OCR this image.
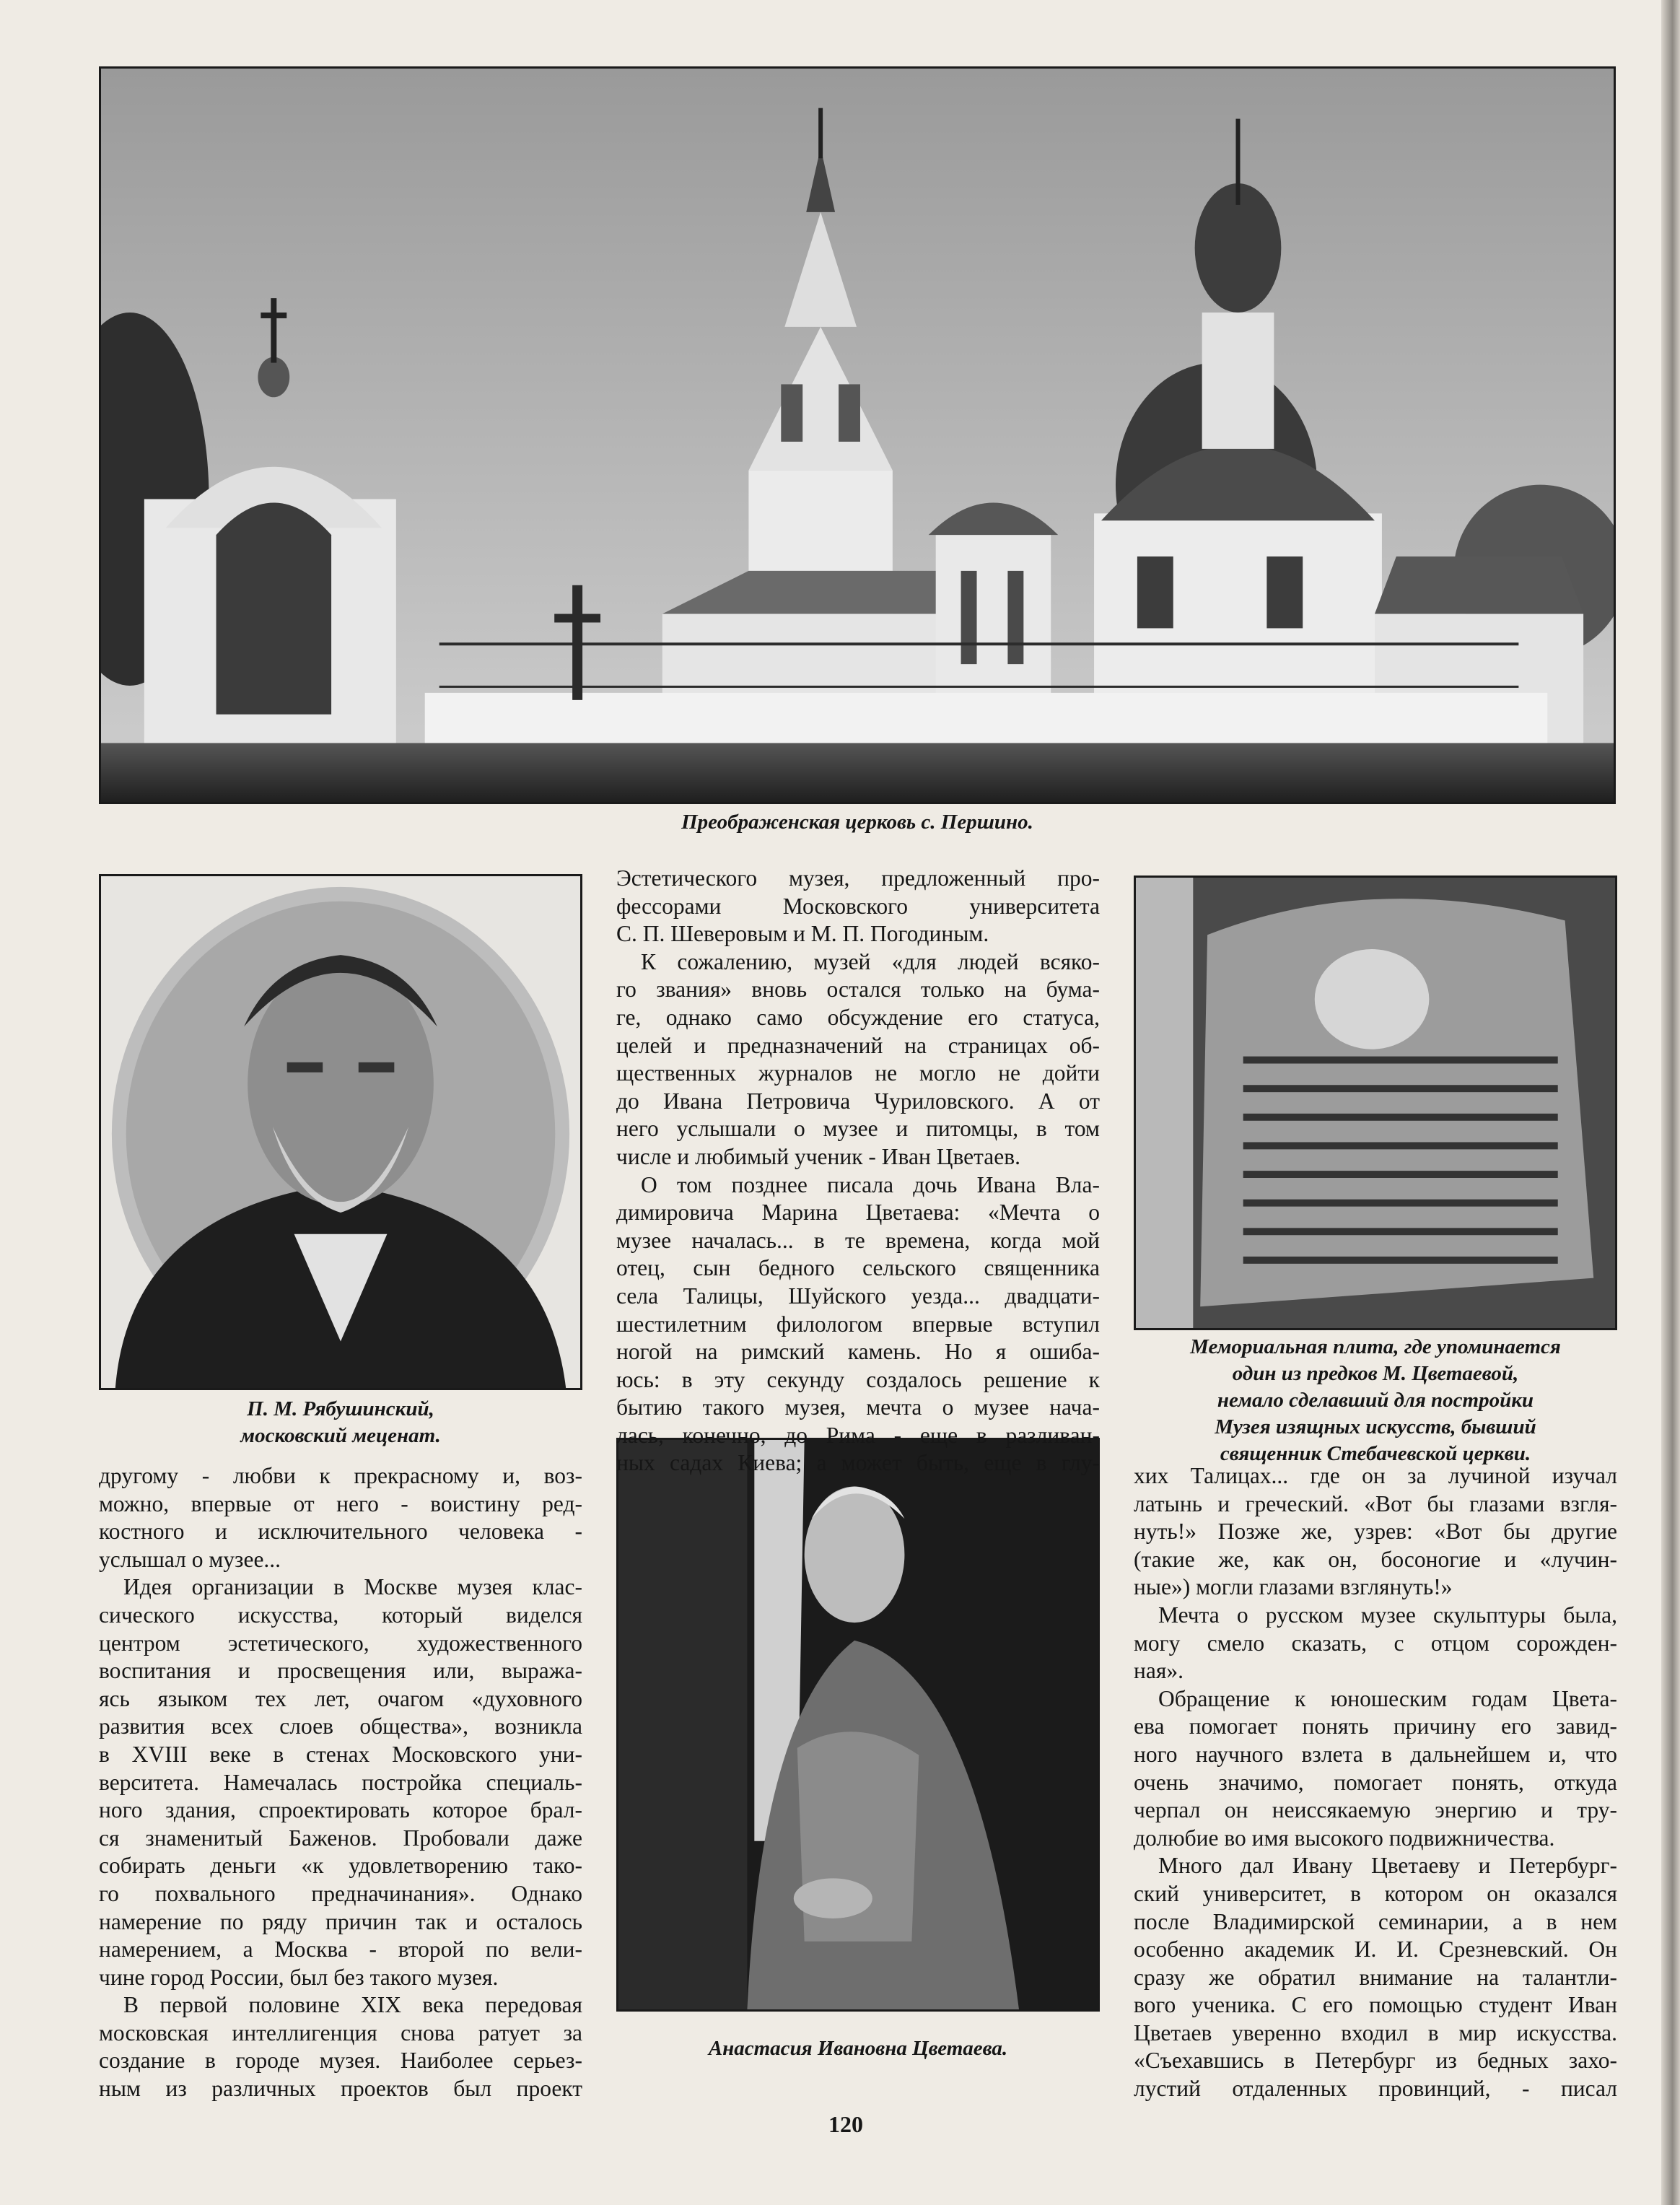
Преображенская церковь с. Першино.
П. М. Рябушинский,
московский меценат.
Мемориальная плита, где упоминается
один из предков М. Цветаевой,
немало сделавший для постройки
Музея изящных искусств, бывший
священник Стебачевской церкви.
Анастасия Ивановна Цветаева.
другому - любви к прекрасному и, воз-
можно, впервые от него - воистину ред-
костного и исключительного человека -
услышал о музее...
Идея организации в Москве музея клас-
сического искусства, который виделся
центром эстетического, художественного
воспитания и просвещения или, выража-
ясь языком тех лет, очагом «духовного
развития всех слоев общества», возникла
в XVIII веке в стенах Московского уни-
верситета. Намечалась постройка специаль-
ного здания, спроектировать которое брал-
ся знаменитый Баженов. Пробовали даже
собирать деньги «к удовлетворению тако-
го похвального предначинания». Однако
намерение по ряду причин так и осталось
намерением, а Москва - второй по вели-
чине город России, был без такого музея.
В первой половине XIX века передовая
московская интеллигенция снова ратует за
создание в городе музея. Наиболее серьез-
ным из различных проектов был проект
Эстетического музея, предложенный про-
фессорами Московского университета
С. П. Шеверовым и М. П. Погодиным.
К сожалению, музей «для людей всяко-
го звания» вновь остался только на бума-
ге, однако само обсуждение его статуса,
целей и предназначений на страницах об-
щественных журналов не могло не дойти
до Ивана Петровича Чуриловского. А от
него услышали о музее и питомцы, в том
числе и любимый ученик - Иван Цветаев.
О том позднее писала дочь Ивана Вла-
димировича Марина Цветаева: «Мечта о
музее началась... в те времена, когда мой
отец, сын бедного сельского священника
села Талицы, Шуйского уезда... двадцати-
шестилетним филологом впервые вступил
ногой на римский камень. Но я ошиба-
юсь: в эту секунду создалось решение к
бытию такого музея, мечта о музее нача-
лась, конечно, до Рима - еще в разливан-
ных садах Киева; а может быть, еще в глу-
хих Талицах... где он за лучиной изучал
латынь и греческий. «Вот бы глазами взгля-
нуть!» Позже же, узрев: «Вот бы другие
(такие же, как он, босоногие и «лучин-
ные») могли глазами взглянуть!»
Мечта о русском музее скульптуры была,
могу смело сказать, с отцом сорожден-
ная».
Обращение к юношеским годам Цвета-
ева помогает понять причину его завид-
ного научного взлета в дальнейшем и, что
очень значимо, помогает понять, откуда
черпал он неиссякаемую энергию и тру-
долюбие во имя высокого подвижничества.
Много дал Ивану Цветаеву и Петербург-
ский университет, в котором он оказался
после Владимирской семинарии, а в нем
особенно академик И. И. Срезневский. Он
сразу же обратил внимание на талантли-
вого ученика. С его помощью студент Иван
Цветаев уверенно входил в мир искусства.
«Съехавшись в Петербург из бедных захо-
лустий отдаленных провинций, - писал
120
